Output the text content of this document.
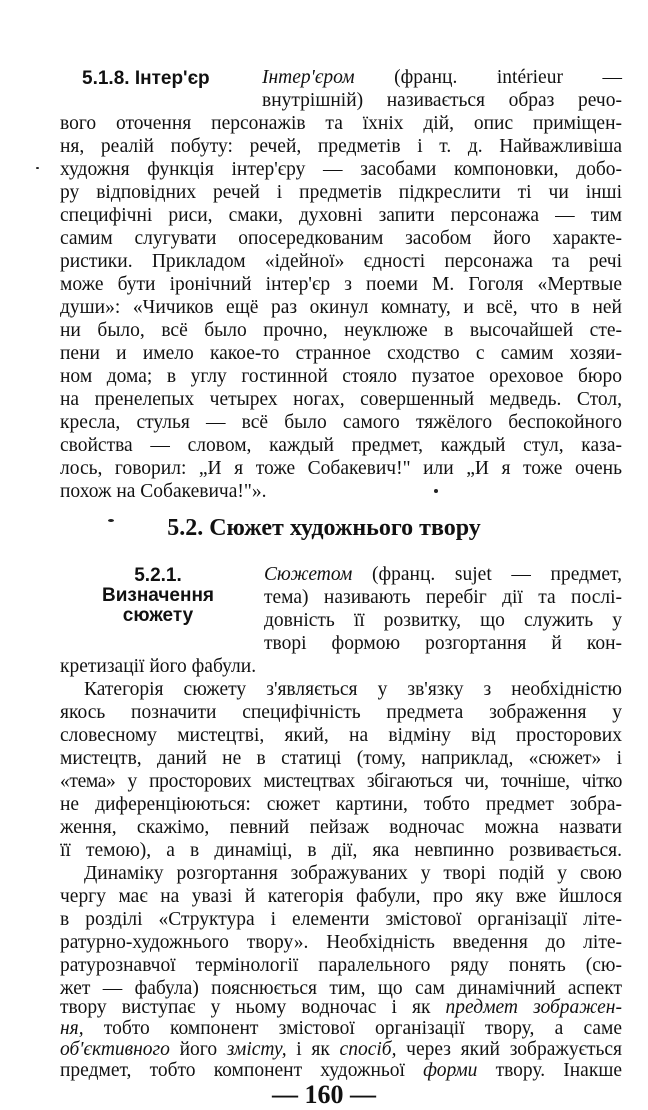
5.1.8. Інтер'єр	Інтер'єром (франц. intérieur —
внутрішній) називається образ речо-
вого оточення персонажів та їхніх дій, опис приміщен-
ня, реалій побуту: речей, предметів і т. д. Найважливіша
художня функція інтер'єру — засобами компоновки, добо-
ру відповідних речей і предметів підкреслити ті чи інші
специфічні риси, смаки, духовні запити персонажа — тим
самим слугувати опосередкованим засобом його характе-
ристики. Прикладом «ідейної» єдності персонажа та речі
може бути іронічний інтер'єр з поеми М. Гоголя «Мертвые
души»: «Чичиков ещё раз окинул комнату, и всё, что в ней
ни было, всё было прочно, неуклюже в высочайшей сте-
пени и имело какое-то странное сходство с самим хозяи-
ном дома; в углу гостинной стояло пузатое ореховое бюро
на пренелепых четырех ногах, совершенный медведь. Стол,
кресла, стулья — всё было самого тяжёлого беспокойного
свойства — словом, каждый предмет, каждый стул, каза-
лось, говорил: „И я тоже Собакевич!" или „И я тоже очень
похож на Собакевича!"».
5.2. Сюжет художнього твору
5.2.1.
Визначення
сюжету
Сюжетом (франц. sujet — предмет,
тема) називають перебіг дії та послі-
довність її розвитку, що служить у
творі формою розгортання й кон-
кретизації його фабули.
Категорія сюжету з'являється у зв'язку з необхідністю
якось позначити специфічність предмета зображення у
словесному мистецтві, який, на відміну від просторових
мистецтв, даний не в статиці (тому, наприклад, «сюжет» і
«тема» у просторових мистецтвах збігаються чи, точніше, чітко
не диференціюються: сюжет картини, тобто предмет зобра-
ження, скажімо, певний пейзаж водночас можна назвати
її темою), а в динаміці, в дії, яка невпинно розвивається.
Динаміку розгортання зображуваних у творі подій у свою
чергу має на увазі й категорія фабули, про яку вже йшлося
в розділі «Структура і елементи змістової організації літе-
ратурно-художнього твору». Необхідність введення до літе-
ратурознавчої термінології паралельного ряду понять (сю-
жет — фабула) пояснюється тим, що сам динамічний аспект
твору виступає у ньому водночас і як предмет зображен-
ня, тобто компонент змістової організації твору, а саме
об'єктивного його змісту, і як спосіб, через який зображується
— 160 —
предмет, тобто компонент художньої форми твору. Інакше
